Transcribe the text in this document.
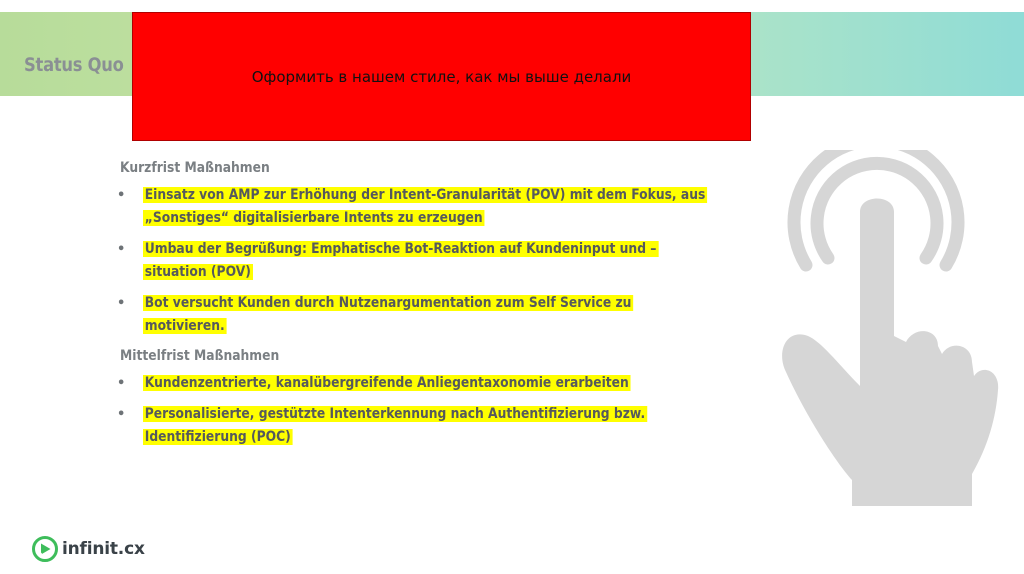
Status Quo
Оформить в нашем стиле, как мы выше делали
Kurzfrist Maßnahmen
• Einsatz von AMP zur Erhöhung der Intent-Granularität (POV) mit dem Fokus, aus „Sonstiges“ digitalisierbare Intents zu erzeugen
• Umbau der Begrüßung: Emphatische Bot-Reaktion auf Kundeninput und –situation (POV)
• Bot versucht Kunden durch Nutzenargumentation zum Self Service zu motivieren.
Mittelfrist Maßnahmen
• Kundenzentrierte, kanalübergreifende Anliegentaxonomie erarbeiten
• Personalisierte, gestützte Intenterkennung nach Authentifizierung bzw. Identifizierung (POC)
infinit.cx
